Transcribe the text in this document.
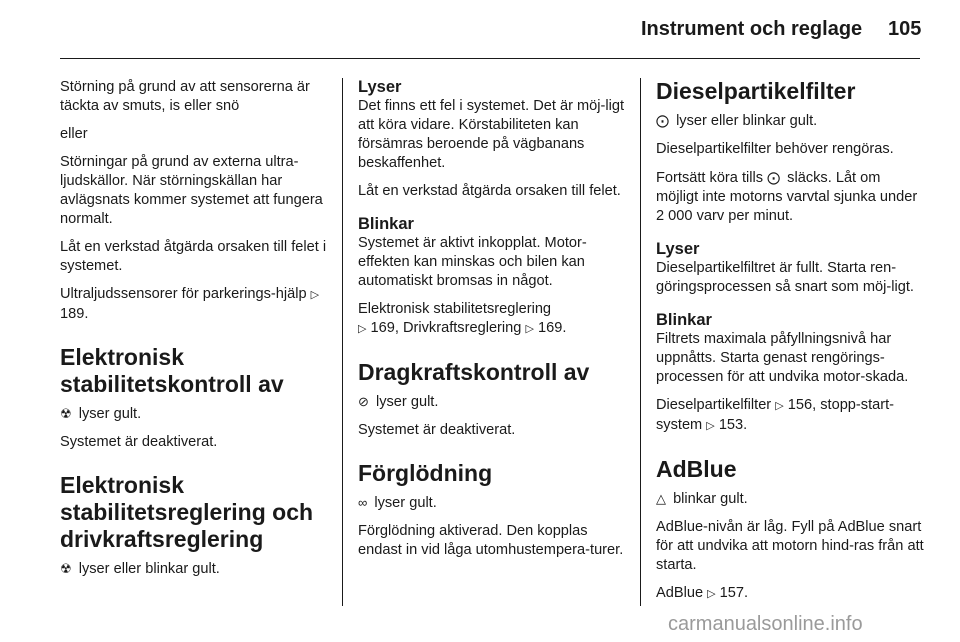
Instrument och reglage 105

Störning på grund av att sensorerna är täckta av smuts, is eller snö

eller

Störningar på grund av externa ultra-ljudskällor. När störningskällan har avlägsnats kommer systemet att fungera normalt.

Låt en verkstad åtgärda orsaken till felet i systemet.

Ultraljudssensorer för parkerings-hjälp ▷ 189.

Elektronisk
stabilitetskontroll av

☢ lyser gult.

Systemet är deaktiverat.

Elektronisk
stabilitetsreglering och
drivkraftsreglering

☢ lyser eller blinkar gult.

Lyser

Det finns ett fel i systemet. Det är möj-ligt att köra vidare. Körstabiliteten kan försämras beroende på vägbanans beskaffenhet.

Låt en verkstad åtgärda orsaken till felet.

Blinkar

Systemet är aktivt inkopplat. Motor-effekten kan minskas och bilen kan automatiskt bromsas in något.

Elektronisk stabilitetsreglering
▷ 169, Drivkraftsreglering ▷ 169.

Dragkraftskontroll av

⊘ lyser gult.

Systemet är deaktiverat.

Förglödning

∞ lyser gult.

Förglödning aktiverad. Den kopplas endast in vid låga utomhustempera-turer.

Dieselpartikelfilter

⨀ lyser eller blinkar gult.

Dieselpartikelfilter behöver rengöras.

Fortsätt köra tills ⨀ släcks. Låt om möjligt inte motorns varvtal sjunka under 2 000 varv per minut.

Lyser

Dieselpartikelfiltret är fullt. Starta ren-göringsprocessen så snart som möj-ligt.

Blinkar

Filtrets maximala påfyllningsnivå har uppnåtts. Starta genast rengörings-processen för att undvika motor-skada.

Dieselpartikelfilter ▷ 156, stopp-start-system ▷ 153.

AdBlue

△ blinkar gult.

AdBlue-nivån är låg. Fyll på AdBlue snart för att undvika att motorn hind-ras från att starta.

AdBlue ▷ 157.

carmanualsonline.info
